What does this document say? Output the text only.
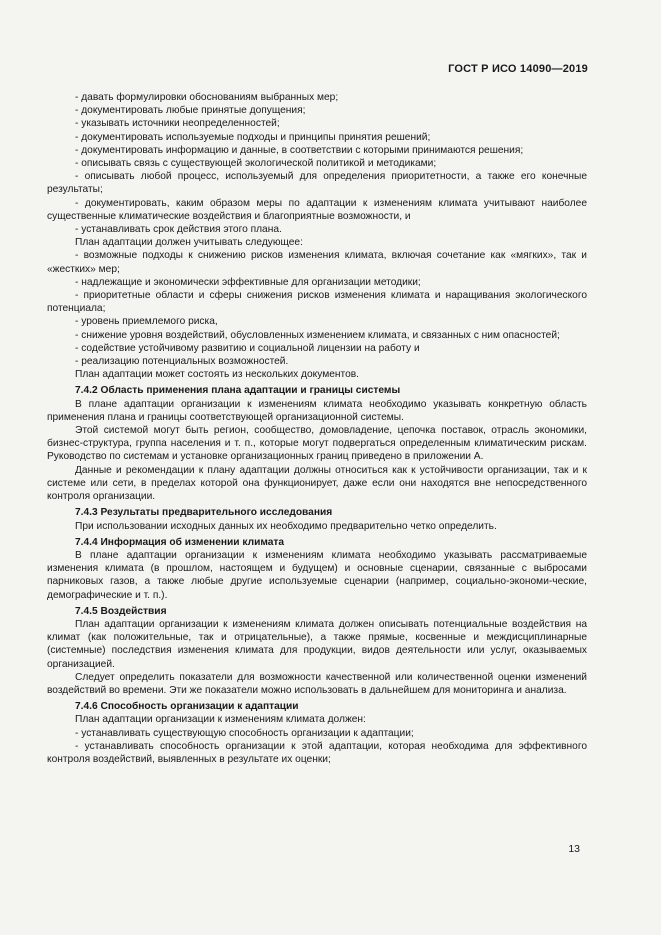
ГОСТ Р ИСО 14090—2019

- давать формулировки обоснованиям выбранных мер;

- документировать любые принятые допущения;

- указывать источники неопределенностей;

- документировать используемые подходы и принципы принятия решений;

- документировать информацию и данные, в соответствии с которыми принимаются решения;

- описывать связь с существующей экологической политикой и методиками;

- описывать любой процесс, используемый для определения приоритетности, а также его конечные результаты;

- документировать, каким образом меры по адаптации к изменениям климата учитывают наиболее существенные климатические воздействия и благоприятные возможности, и

- устанавливать срок действия этого плана.

План адаптации должен учитывать следующее:

- возможные подходы к снижению рисков изменения климата, включая сочетание как «мягких», так и «жестких» мер;

- надлежащие и экономически эффективные для организации методики;

- приоритетные области и сферы снижения рисков изменения климата и наращивания экологического потенциала;

- уровень приемлемого риска,

- снижение уровня воздействий, обусловленных изменением климата, и связанных с ним опасностей;

- содействие устойчивому развитию и социальной лицензии на работу и

- реализацию потенциальных возможностей.

План адаптации может состоять из нескольких документов.

7.4.2 Область применения плана адаптации и границы системы

В плане адаптации организации к изменениям климата необходимо указывать конкретную область применения плана и границы соответствующей организационной системы.

Этой системой могут быть регион, сообщество, домовладение, цепочка поставок, отрасль экономики, бизнес-структура, группа населения и т. п., которые могут подвергаться определенным климатическим рискам. Руководство по системам и установке организационных границ приведено в приложении А.

Данные и рекомендации к плану адаптации должны относиться как к устойчивости организации, так и к системе или сети, в пределах которой она функционирует, даже если они находятся вне непосредственного контроля организации.

7.4.3 Результаты предварительного исследования

При использовании исходных данных их необходимо предварительно четко определить.

7.4.4 Информация об изменении климата

В плане адаптации организации к изменениям климата необходимо указывать рассматриваемые изменения климата (в прошлом, настоящем и будущем) и основные сценарии, связанные с выбросами парниковых газов, а также любые другие используемые сценарии (например, социально-экономи-ческие, демографические и т. п.).

7.4.5 Воздействия

План адаптации организации к изменениям климата должен описывать потенциальные воздействия на климат (как положительные, так и отрицательные), а также прямые, косвенные и междисциплинарные (системные) последствия изменения климата для продукции, видов деятельности или услуг, оказываемых организацией.

Следует определить показатели для возможности качественной или количественной оценки изменений воздействий во времени. Эти же показатели можно использовать в дальнейшем для мониторинга и анализа.

7.4.6 Способность организации к адаптации

План адаптации организации к изменениям климата должен:

- устанавливать существующую способность организации к адаптации;

- устанавливать способность организации к этой адаптации, которая необходима для эффективного контроля воздействий, выявленных в результате их оценки;

13
